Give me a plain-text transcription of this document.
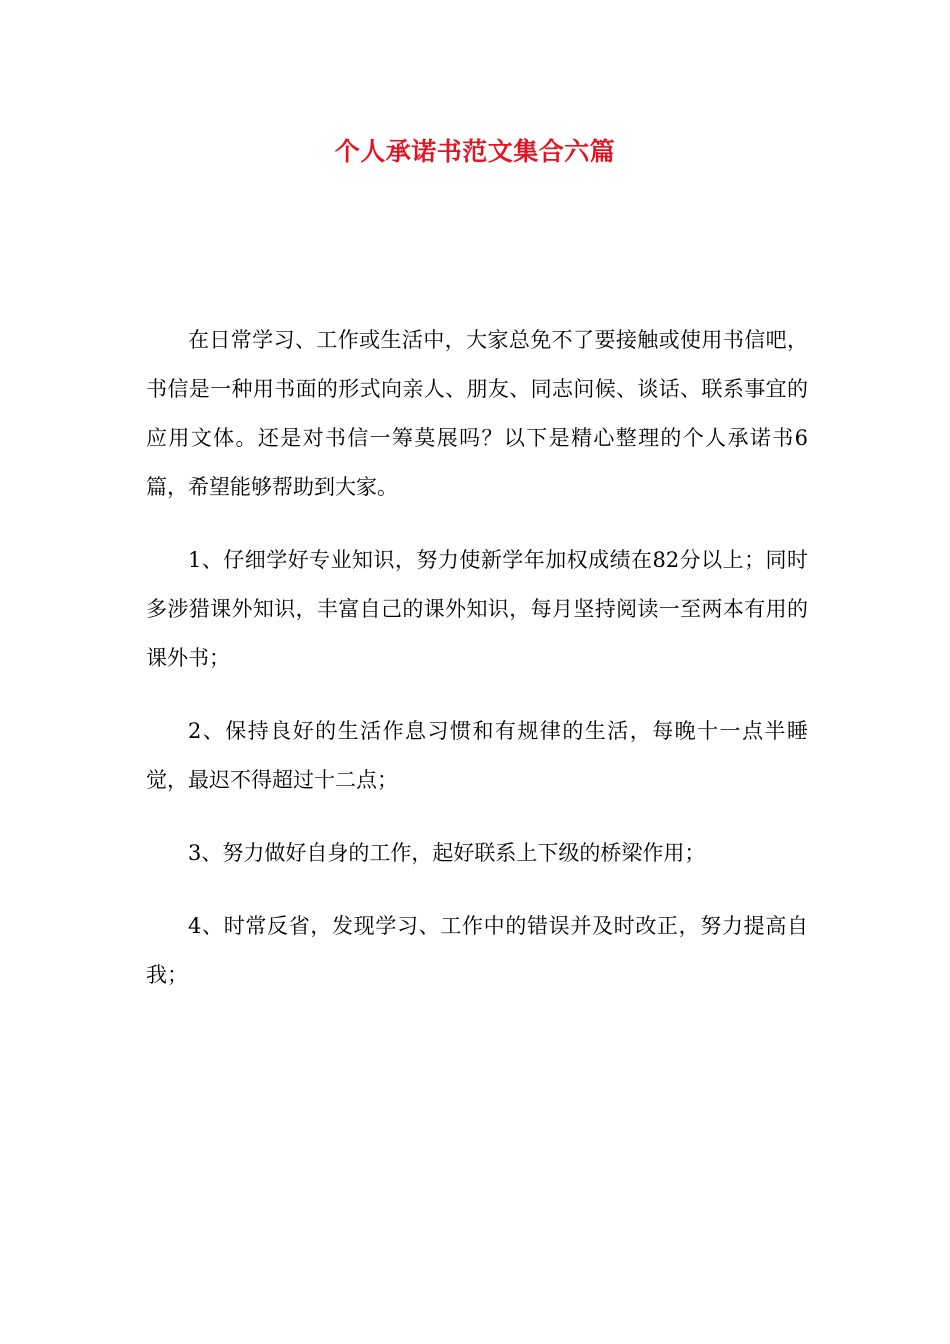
个人承诺书范文集合六篇

在日常学习、工作或生活中，大家总免不了要接触或使用书信吧，书信是一种用书面的形式向亲人、朋友、同志问候、谈话、联系事宜的应用文体。还是对书信一筹莫展吗？以下是精心整理的个人承诺书6篇，希望能够帮助到大家。

1、仔细学好专业知识，努力使新学年加权成绩在82分以上；同时多涉猎课外知识，丰富自己的课外知识，每月坚持阅读一至两本有用的课外书；

2、保持良好的生活作息习惯和有规律的生活，每晚十一点半睡觉，最迟不得超过十二点；

3、努力做好自身的工作，起好联系上下级的桥梁作用；

4、时常反省，发现学习、工作中的错误并及时改正，努力提高自我；
